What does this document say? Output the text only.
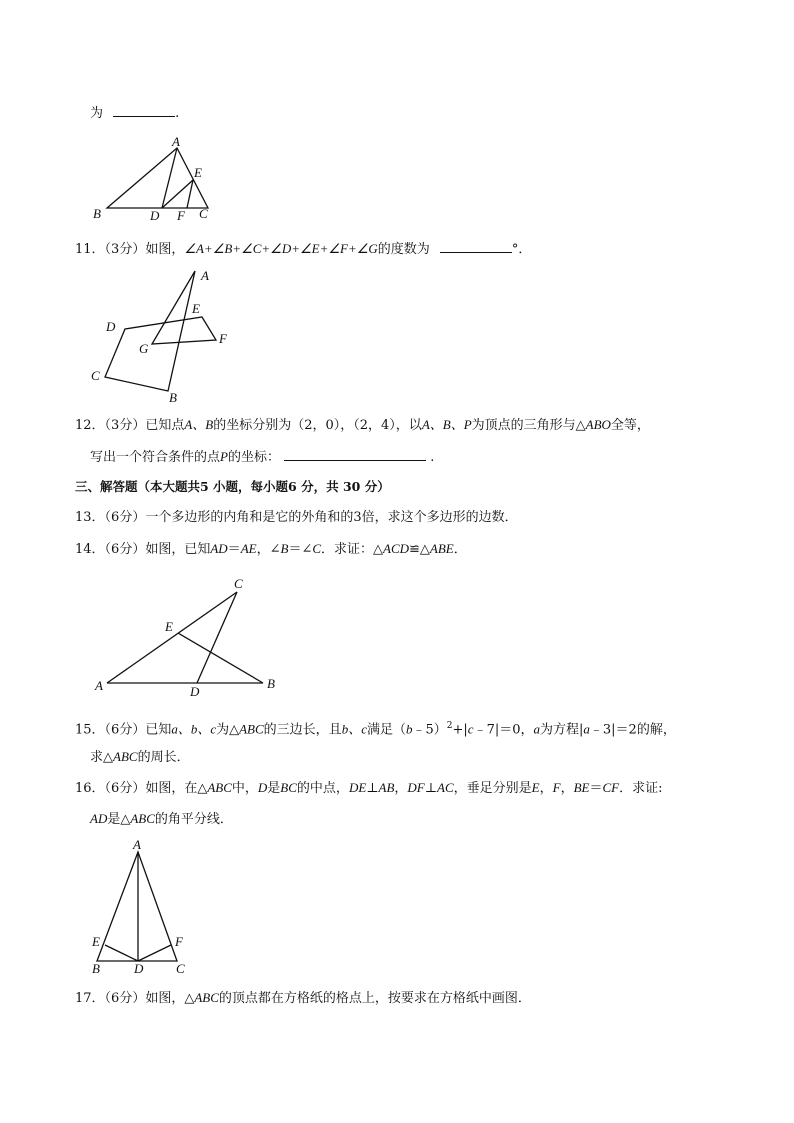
为	.
A
B	C
D
E
F
11．（3分）如图，∠A+∠B+∠C+∠D+∠E+∠F+∠G的度数为	°．
A
B
C
D
E
F
G
12．（3分）已知点A、B的坐标分别为（2，0），（2，4），以A、B、P为顶点的三角形与△ABO全等，
写出一个符合条件的点P的坐标：	.
三、解答题（本大题共5 小题，每小题6 分，共 30 分）
13．（6分）一个多边形的内角和是它的外角和的3倍，求这个多边形的边数．
14．（6分）如图，已知AD＝AE，∠B＝∠C．求证：△ACD≌△ABE．
A	B
C
D
E
15．（6分）已知a、b、c为△ABC的三边长，且b、c满足（b﹣5）$^2$+|c﹣7|＝0，a为方程|a﹣3|＝2的解，
求△ABC的周长．
16．（6分）如图，在△ABC中，D是BC的中点，DE⊥AB，DF⊥AC，垂足分别是E，F，BE＝CF．求证:
AD是△ABC的角平分线．
A
B	C
D
E	F
17．（6分）如图，△ABC的顶点都在方格纸的格点上，按要求在方格纸中画图．
